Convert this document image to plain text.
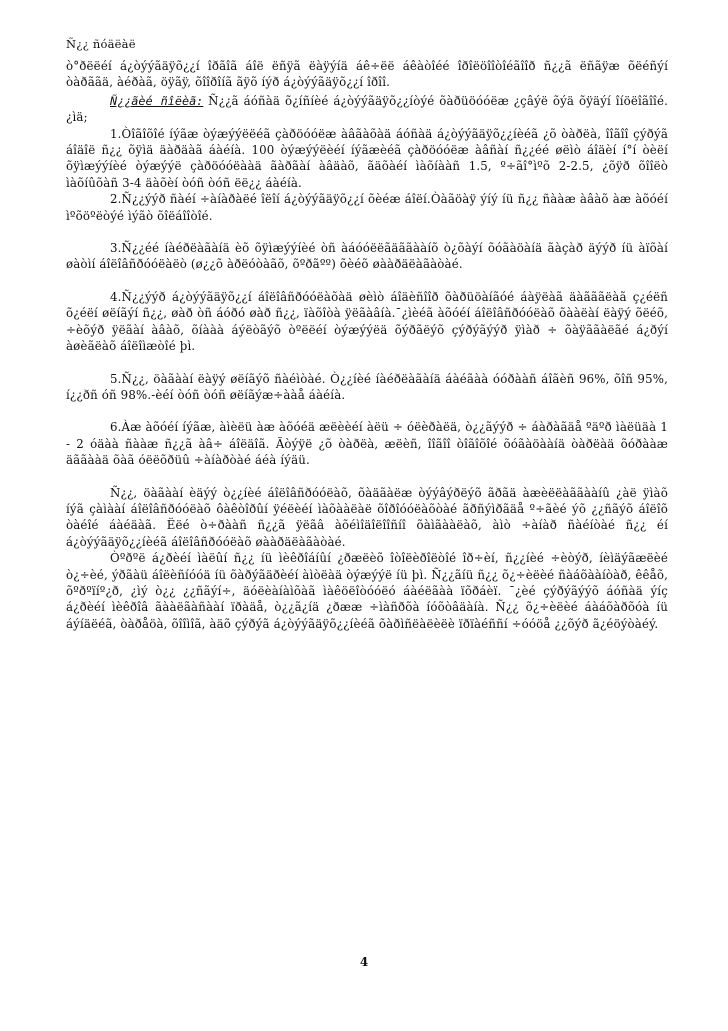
Ñ¿¿ ñóäëàë

ò°ðëëéí á¿òýýãäÿõ¿¿í îðãîã áîë ëñÿã ëàÿýíä áê÷ëë áêàòîéé îðîëöîîòîéãîîð ñ¿¿ã ëñãÿæ õëéñýí òàðããä, àéðàã, öÿãÿ, õîîðîíã ãÿõ íýð á¿òýýãäÿõ¿¿í îðîî.

Ñ¿¿ãèé ñîëèã: Ñ¿¿ã áóñàä õ¿íñíèé á¿òýýãäÿõ¿¿íòýé õàðüöóóëæ ¿çâýë õýä õÿäýí îíöëîãîîé. ¿ìä;

1.Òîãîõîé íýãæ òýæýýëëéã çàðöóóëæ àâãàõàä áóñàä á¿òýýãäÿõ¿¿íèéã ¿õ òàðëà, îîãîî çýðýã áîäîë ñ¿¿ õÿìä äàðäàã áàéíà. 100 òýæýýëèéí íýãæèéã çàðöóóëæ àâñàí ñ¿¿éé øëìò áîäèí í°í òèëí õÿìæýýíèé òýæýýë çàðöóóëààä ãàðãàí àâäàõ, ãäõàéí ìàõíààñ 1.5, º÷ãî°ìºõ 2-2.5, ¿õÿð õîîëò ìàõíûõàñ 3-4 äàõèí òóñ òóñ ëë¿¿ áàéíà.

2.Ñ¿¿ýýð ñàéí ÷àíàðàëé îëîí á¿òýýãäÿõ¿¿í õèéæ áîëí.Òàãöàÿ ýíý íü ñ¿¿ ñààæ àâàõ àæ àõóéí ìºõöºëòýé ìýãò õîëáîîòîé.

3.Ñ¿¿éé íàéðëàãàíä èõ õÿìæýýíèé òñ àáóóëëãäããààíõ ò¿õàýí õóãàöàíä ãàçàð äýýð íü àïõàí øàòìí áîëîâñðóóëàëò (ø¿¿õ àðëóòàãõ, õºðãºº) õèéõ øààðäëàãàòàé.

4.Ñ¿¿ýýð á¿òýýãäÿõ¿¿í áîëîâñðóóëàõàä øèìò áîäèñîîð õàðüöàíãóé áàÿëàã äàãããëàã ç¿éëñ õ¿éëí øëíãýí ñ¿¿, øàð òñ áóðó øàð ñ¿¿, ïàõîòà ÿëãàâíà.¯¿ìèéã àõóéí áîëîâñðóóëàõ õààëàí ëàÿý õëéõ, ÷èõýð ÿëãàí àâàõ, õíààà áýëòãýõ òºëëéí òýæýýëä õýðãëýõ çýðýãýýð ÿìàð ÷ õàÿããàëãé á¿ðýí àøèãëàõ áîëîìæòîé þì.

5.Ñ¿¿, öàãààí ëàÿý øëíãýõ ñàéìòàé. Ò¿¿íèé íàéðëàãàíä áàéãàà óóðààñ áîãèñ 96%, õîñ 95%, í¿¿ðñ óñ 98%.-èéí òóñ òóñ øëíãýæ÷ààå áàéíà.

6.Àæ àõóéí íýãæ, àìèëü àæ àõóéä æëèèéí àëü ÷ óëèðàëä, ò¿¿ãýýð ÷ áàðàãäå ºäºð ìàëüäà 1 - 2 óäàà ñààæ ñ¿¿ã àâ÷ áîëäîã. Ãòýÿë ¿õ òàðëà, æëèñ, îîãîî òîãîõîé õóãàöààíä òàðëàä õóðààæ äããààä õàã óëëõðüû ÷àíàðòàé áéà íýäü.

Ñ¿¿, öàãààí èäýý ò¿¿íèé áîëîâñðóóëàõ, õàäãàëæ òýýâýðëýõ ãðãä àæèëëàããààíû ¿àë ÿìàõ íýã çàìààí áîëîâñðóóëàõ ôàêòîðûí ÿéëèéí ìàõààëàë õîðîóóëàõòàé ãðñýìðãäå º÷ãèé ýõ ¿¿ñãýõ áîëîõ òàéîé áàéäàã. Ëëé ò÷ðààñ ñ¿¿ã ÿëãâ àõéìîäîëîîñíî õàìãààëàõ, àìò ÷àíàð ñàéíòàé ñ¿¿ éí á¿òýýãäÿõ¿¿íèéã áîëîâñðóóëàõ øààðäëàãàòàé.

Òºðºë á¿ðèéí ìàëûí ñ¿¿ íü ìèêðîáíûí ¿ðæëèõ îòîëèðîëòîé îð÷èí, ñ¿¿íèé ÷èòýð, íèìäýãæëèé ò¿÷èé, ýðãàü áîëèñíóóä íü õàðýãäðèéí àìòëàä òýæýýë íü þì. Ñ¿¿ãíü ñ¿¿ õ¿÷èëèé ñàáõààíòàð, êêåõ, õºðºïíº¿ð, ¿ìý ò¿¿ ¿¿ñãýí÷, äóëèàíàìõàã ìàêöëîòóóëó áàéëãàà ïõðáèï. ¯¿èé çýðýãýýõ áóñàä ýíç á¿ðèéí ìèêðîâ ãààëãàñààí ïðàäå, ò¿¿ã¿íä ¿ðææ ÷ìàñðõà íóõòâäàíà. Ñ¿¿ õ¿÷èëèé áàáõàðõóà íü áýíäëéã, òàðåöà, õîîìîã, àäõ çýðýã á¿òýýãäÿõ¿¿íèéã õàðìñëàëèëè ïðïàéññí ÷óóöå ¿¿õýð ã¿éöýòàéý.

4
